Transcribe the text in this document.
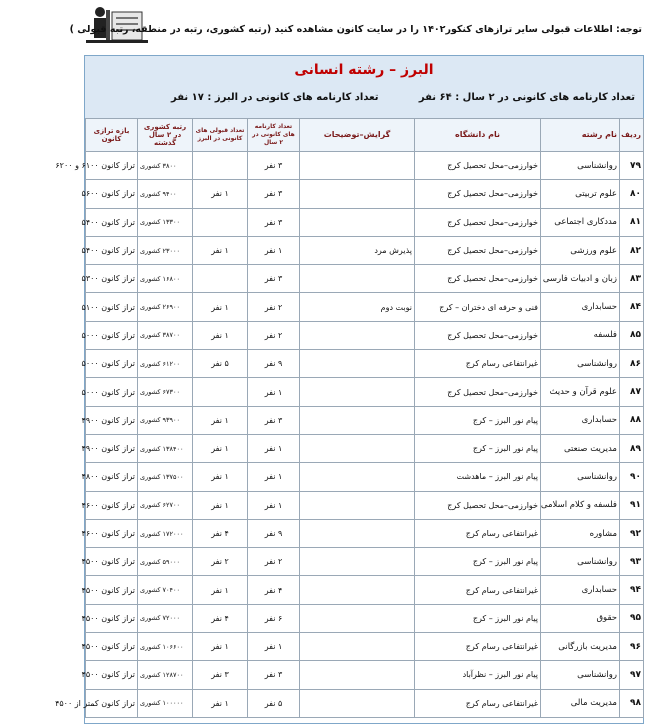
توجه: اطلاعات قبولی سایر ترازهای کنکور۱۴۰۲ را در سایت کانون مشاهده کنید (رتبه کشوری، رتبه در منطقه، رتبه قبولی )
البرز – رشته انسانی
تعداد کارنامه های کانونی در ۲ سال : ۶۴ نفر
تعداد کارنامه های کانونی در البرز : ۱۷ نفر
ردیف	نام رشته	نام دانشگاه	گرایش–توضیحات	تعداد کارنامه های کانونی در ۲ سال	تعداد قبولی های کانونی در البرز	رتبه کشوری در ۲ سال گذشته	بازه ترازی کانون
۷۹	روانشناسی	خوارزمی–محل تحصیل کرج		۳ نفر		۳۸۰۰ کشوری	تراز کانون ۶۱۰۰ و ۶۲۰۰
۸۰	علوم تربیتی	خوارزمی–محل تحصیل کرج		۳ نفر	۱ نفر	۹۴۰۰ کشوری	تراز کانون ۵۶۰۰
۸۱	مددکاری اجتماعی	خوارزمی–محل تحصیل کرج		۳ نفر		۱۳۳۰۰ کشوری	تراز کانون ۵۴۰۰
۸۲	علوم ورزشی	خوارزمی–محل تحصیل کرج	پذیرش مرد	۱ نفر	۱ نفر	۲۳۰۰۰ کشوری	تراز کانون ۵۴۰۰
۸۳	زبان و ادبیات فارسی	خوارزمی–محل تحصیل کرج		۳ نفر		۱۶۸۰۰ کشوری	تراز کانون ۵۳۰۰
۸۴	حسابداری	فنی و حرفه ای دختران – کرج	نوبت دوم	۲ نفر	۱ نفر	۲۶۹۰۰ کشوری	تراز کانون ۵۱۰۰
۸۵	فلسفه	خوارزمی–محل تحصیل کرج		۲ نفر	۱ نفر	۳۸۷۰۰ کشوری	تراز کانون ۵۰۰۰
۸۶	روانشناسی	غیرانتفاعی رسام کرج		۹ نفر	۵ نفر	۶۱۲۰۰ کشوری	تراز کانون ۵۰۰۰
۸۷	علوم قرآن و حدیث	خوارزمی–محل تحصیل کرج		۱ نفر		۶۷۳۰۰ کشوری	تراز کانون ۵۰۰۰
۸۸	حسابداری	پیام نور البرز – کرج		۳ نفر	۱ نفر	۹۳۹۰۰ کشوری	تراز کانون ۴۹۰۰
۸۹	مدیریت صنعتی	پیام نور البرز – کرج		۱ نفر	۱ نفر	۱۳۸۴۰۰ کشوری	تراز کانون ۴۹۰۰
۹۰	روانشناسی	پیام نور البرز – ماهدشت		۱ نفر	۱ نفر	۱۳۷۵۰۰ کشوری	تراز کانون ۴۸۰۰
۹۱	فلسفه و کلام اسلامی	خوارزمی–محل تحصیل کرج		۱ نفر	۱ نفر	۶۲۷۰۰ کشوری	تراز کانون ۴۶۰۰
۹۲	مشاوره	غیرانتفاعی رسام کرج		۹ نفر	۴ نفر	۱۷۲۰۰۰ کشوری	تراز کانون ۴۶۰۰
۹۳	روانشناسی	پیام نور البرز – کرج		۲ نفر	۲ نفر	۵۹۰۰۰ کشوری	تراز کانون ۴۵۰۰
۹۴	حسابداری	غیرانتفاعی رسام کرج		۴ نفر	۱ نفر	۷۰۴۰۰ کشوری	تراز کانون ۴۵۰۰
۹۵	حقوق	پیام نور البرز – کرج		۶ نفر	۴ نفر	۷۲۰۰۰ کشوری	تراز کانون ۴۵۰۰
۹۶	مدیریت بازرگانی	غیرانتفاعی رسام کرج		۱ نفر	۱ نفر	۱۰۶۶۰۰ کشوری	تراز کانون ۴۵۰۰
۹۷	روانشناسی	پیام نور البرز – نظرآباد		۳ نفر	۳ نفر	۱۲۸۷۰۰ کشوری	تراز کانون ۴۵۰۰
۹۸	مدیریت مالی	غیرانتفاعی رسام کرج		۵ نفر	۱ نفر	۱۰۰۰۰۰ کشوری	تراز کانون کمتر از ۴۵۰۰
